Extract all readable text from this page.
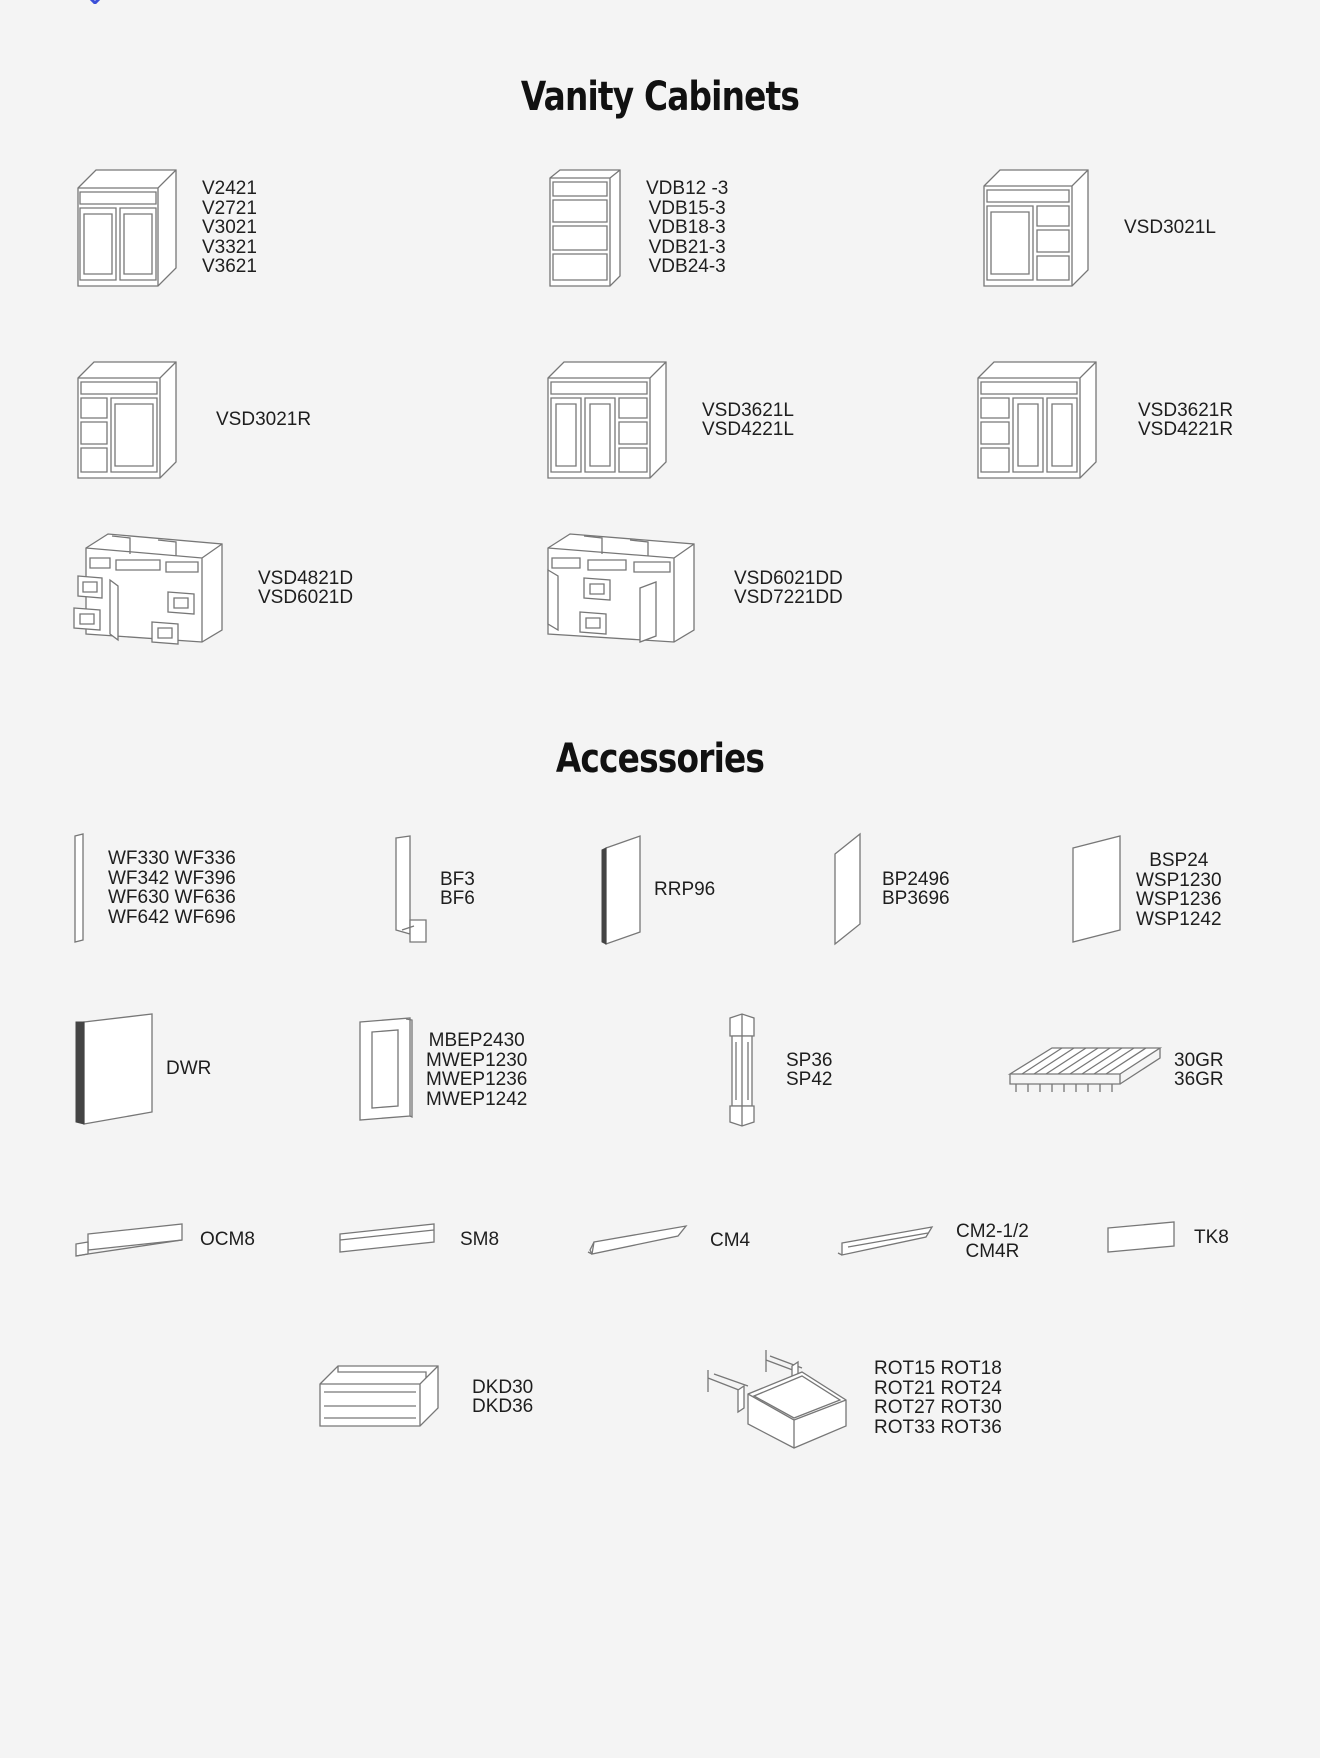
Vanity Cabinets
V2421
V2721
V3021
V3321
V3621
VDB12 -3
VDB15-3
VDB18-3
VDB21-3
VDB24-3
VSD3021L
VSD3021R	VSD3621L
VSD4221L
VSD3621R
VSD4221R
VSD4821D
VSD6021D
VSD6021DD
VSD7221DD
Accessories
WF330 WF336
WF342 WF396
WF630 WF636
WF642 WF696
BF3
BF6	RRP96
BP2496
BP3696
BSP24
WSP1230
WSP1236
WSP1242
DWR
MBEP2430
MWEP1230
MWEP1236
MWEP1242
SP36
SP42
30GR
36GR
OCM8	SM8	CM4	CM2-1/2
CM4R
TK8
DKD30
DKD36
ROT15 ROT18
ROT21 ROT24
ROT27 ROT30
ROT33 ROT36
